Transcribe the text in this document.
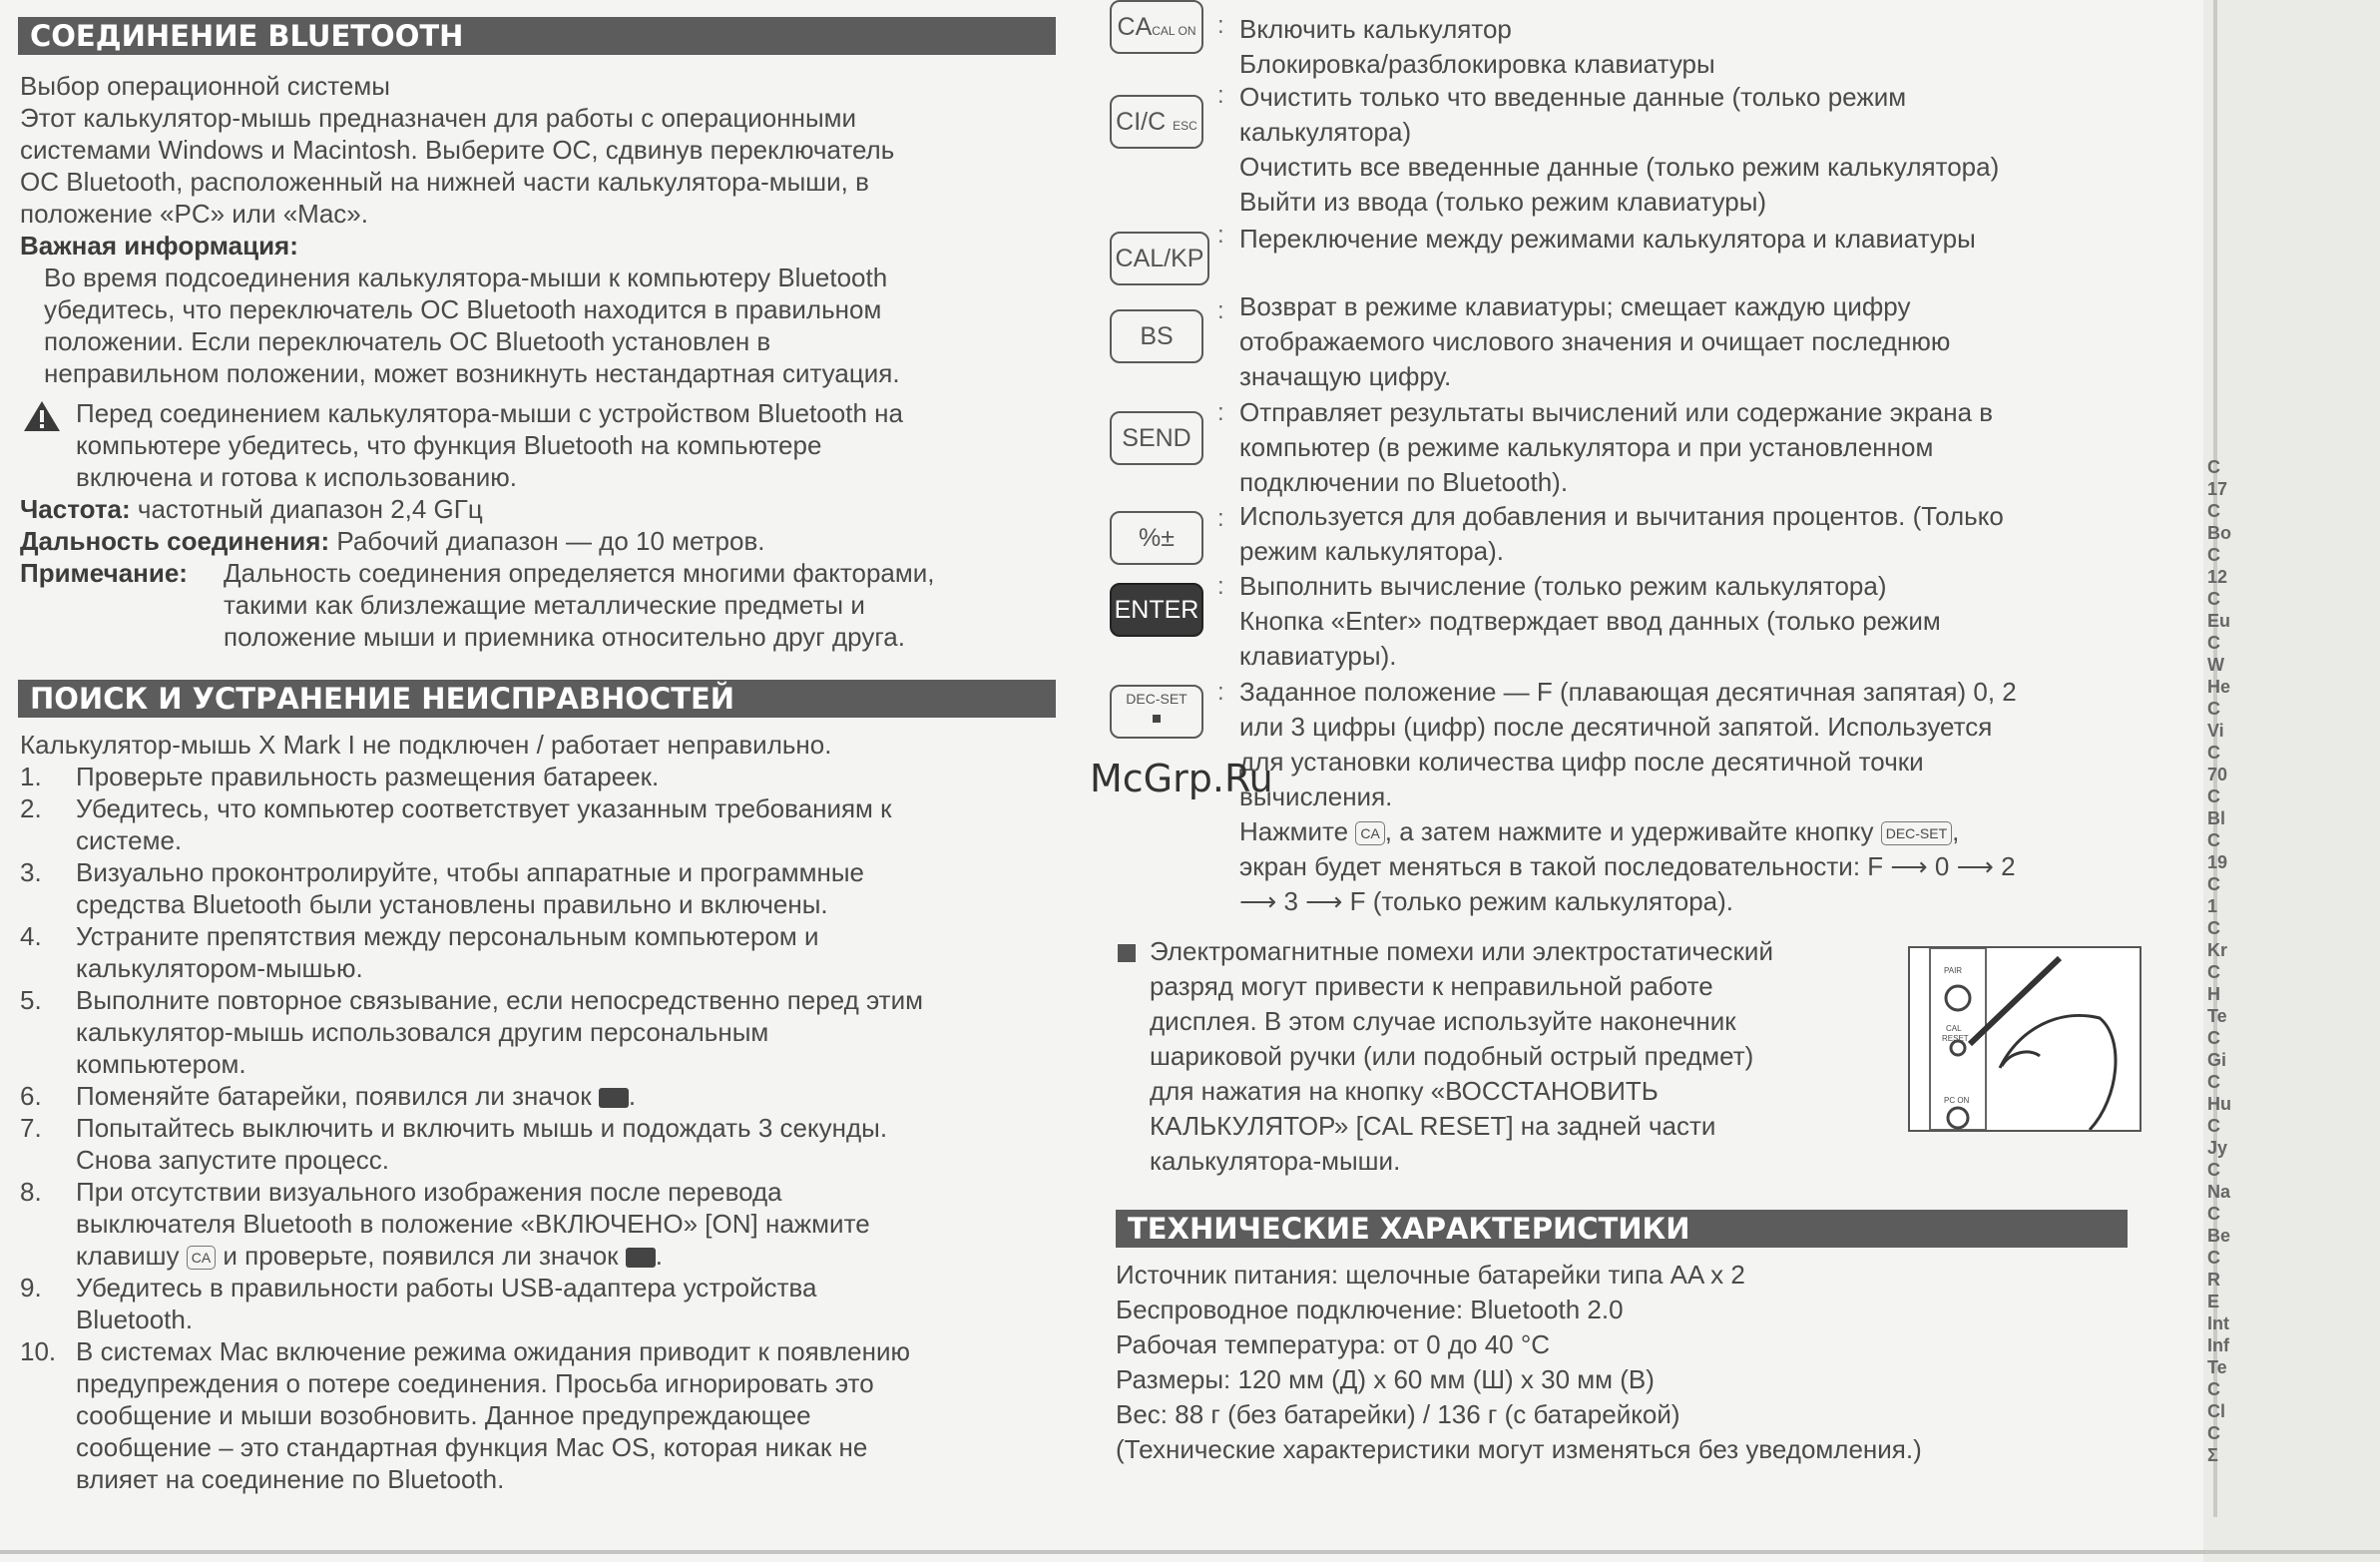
СОЕДИНЕНИЕ BLUETOOTH

Выбор операционной системы

Этот калькулятор-мышь предназначен для работы с операционными

системами Windows и Macintosh. Выберите ОС, сдвинув переключатель

ОС Bluetooth, расположенный на нижней части калькулятора-мыши, в

положение «PC» или «Mac».

Важная информация:

Во время подсоединения калькулятора-мыши к компьютеру Bluetooth

убедитесь, что переключатель ОС Bluetooth находится в правильном

положении. Если переключатель ОС Bluetooth установлен в

неправильном положении, может возникнуть нестандартная ситуация.

Перед соединением калькулятора-мыши с устройством Bluetooth на

компьютере убедитесь, что функция Bluetooth на компьютере

включена и готова к использованию.

Частота: частотный диапазон 2,4 GГц
Дальность соединения: Рабочий диапазон — до 10 метров.
Примечание: Дальность соединения определяется многими факторами,

такими как близлежащие металлические предметы и

положение мыши и приемника относительно друг друга.

ПОИСК И УСТРАНЕНИЕ НЕИСПРАВНОСТЕЙ
Калькулятор-мышь X Mark I не подключен / работает неправильно.
1. Проверьте правильность размещения батареек.
2. Убедитесь, что компьютер соответствует указанным требованиям к

системе.

3. Визуально проконтролируйте, чтобы аппаратные и программные

средства Bluetooth были установлены правильно и включены.

4. Устраните препятствия между персональным компьютером и

калькулятором-мышью.

5. Выполните повторное связывание, если непосредственно перед этим

калькулятор-мышь использовался другим персональным

компьютером.

6. Поменяйте батарейки, появился ли значок .
7. Попытайтесь выключить и включить мышь и подождать 3 секунды.

Снова запустите процесс.

8. При отсутствии визуального изображения после перевода

выключателя Bluetooth в положение «ВКЛЮЧЕНО» [ON] нажмите

клавишу CA и проверьте, появился ли значок .

9. Убедитесь в правильности работы USB-адаптера устройства

Bluetooth.

10. В системах Mac включение режима ожидания приводит к появлению

предупреждения о потере соединения. Просьба игнорировать это

сообщение и мыши возобновить. Данное предупреждающее

сообщение – это стандартная функция Mac OS, которая никак не

влияет на соединение по Bluetooth.

CACAL ON : Включить калькулятор

Блокировка/разблокировка клавиатуры

CI/C ESC
: Очистить только что введенные данные (только режим

калькулятора)

Очистить все введенные данные (только режим калькулятора)

Выйти из ввода (только режим клавиатуры)

CAL/KP
: Переключение между режимами калькулятора и клавиатуры

BS
: Возврат в режиме клавиатуры; смещает каждую цифру

отображаемого числового значения и очищает последнюю

значащую цифру.

SEND
: Отправляет результаты вычислений или содержание экрана в

компьютер (в режиме калькулятора и при установленном

подключении по Bluetooth).

%±
: Используется для добавления и вычитания процентов. (Только

режим калькулятора).

ENTER
: Выполнить вычисление (только режим калькулятора)

Кнопка «Enter» подтверждает ввод данных (только режим

клавиатуры).

DEC-SET	: Заданное положение — F (плавающая десятичная запятая) 0, 2

или 3 цифры (цифр) после десятичной запятой. Используется

для установки количества цифр после десятичной точки

вычисления.

Нажмите CA , а затем нажмите и удерживайте кнопку DEC-SET ,

экран будет меняться в такой последовательности: F ⟶ 0 ⟶ 2

⟶ 3 ⟶ F (только режим калькулятора).

Электромагнитные помехи или электростатический

разряд могут привести к неправильной работе

дисплея. В этом случае используйте наконечник

шариковой ручки (или подобный острый предмет)

для нажатия на кнопку «ВОССТАНОВИТЬ

КАЛЬКУЛЯТОР» [CAL RESET] на задней части

калькулятора-мыши.

ТЕХНИЧЕСКИЕ ХАРАКТЕРИСТИКИ

Источник питания: щелочные батарейки типа AA x 2

Беспроводное подключение: Bluetooth 2.0

Рабочая температура: от 0 до 40 °C

Размеры: 120 мм (Д) x 60 мм (Ш) x 30 мм (В)

Вес: 88 г (без батарейки) / 136 г (с батарейкой)

(Технические характеристики могут изменяться без уведомления.)

PAIR
CAL
RESET
PC ON
McGrp.Ru
C
17
C
Bo
C
12
C
Eu
C
W
He
C
Vi
C
70
C
Bl
C
19
C
1
C
Kr
C
H
Te
C
Gi
C
Hu
C
Jy
C
Na
C
Be
C
R
E
Int
Inf
Te
C
Cl
C
Σ
